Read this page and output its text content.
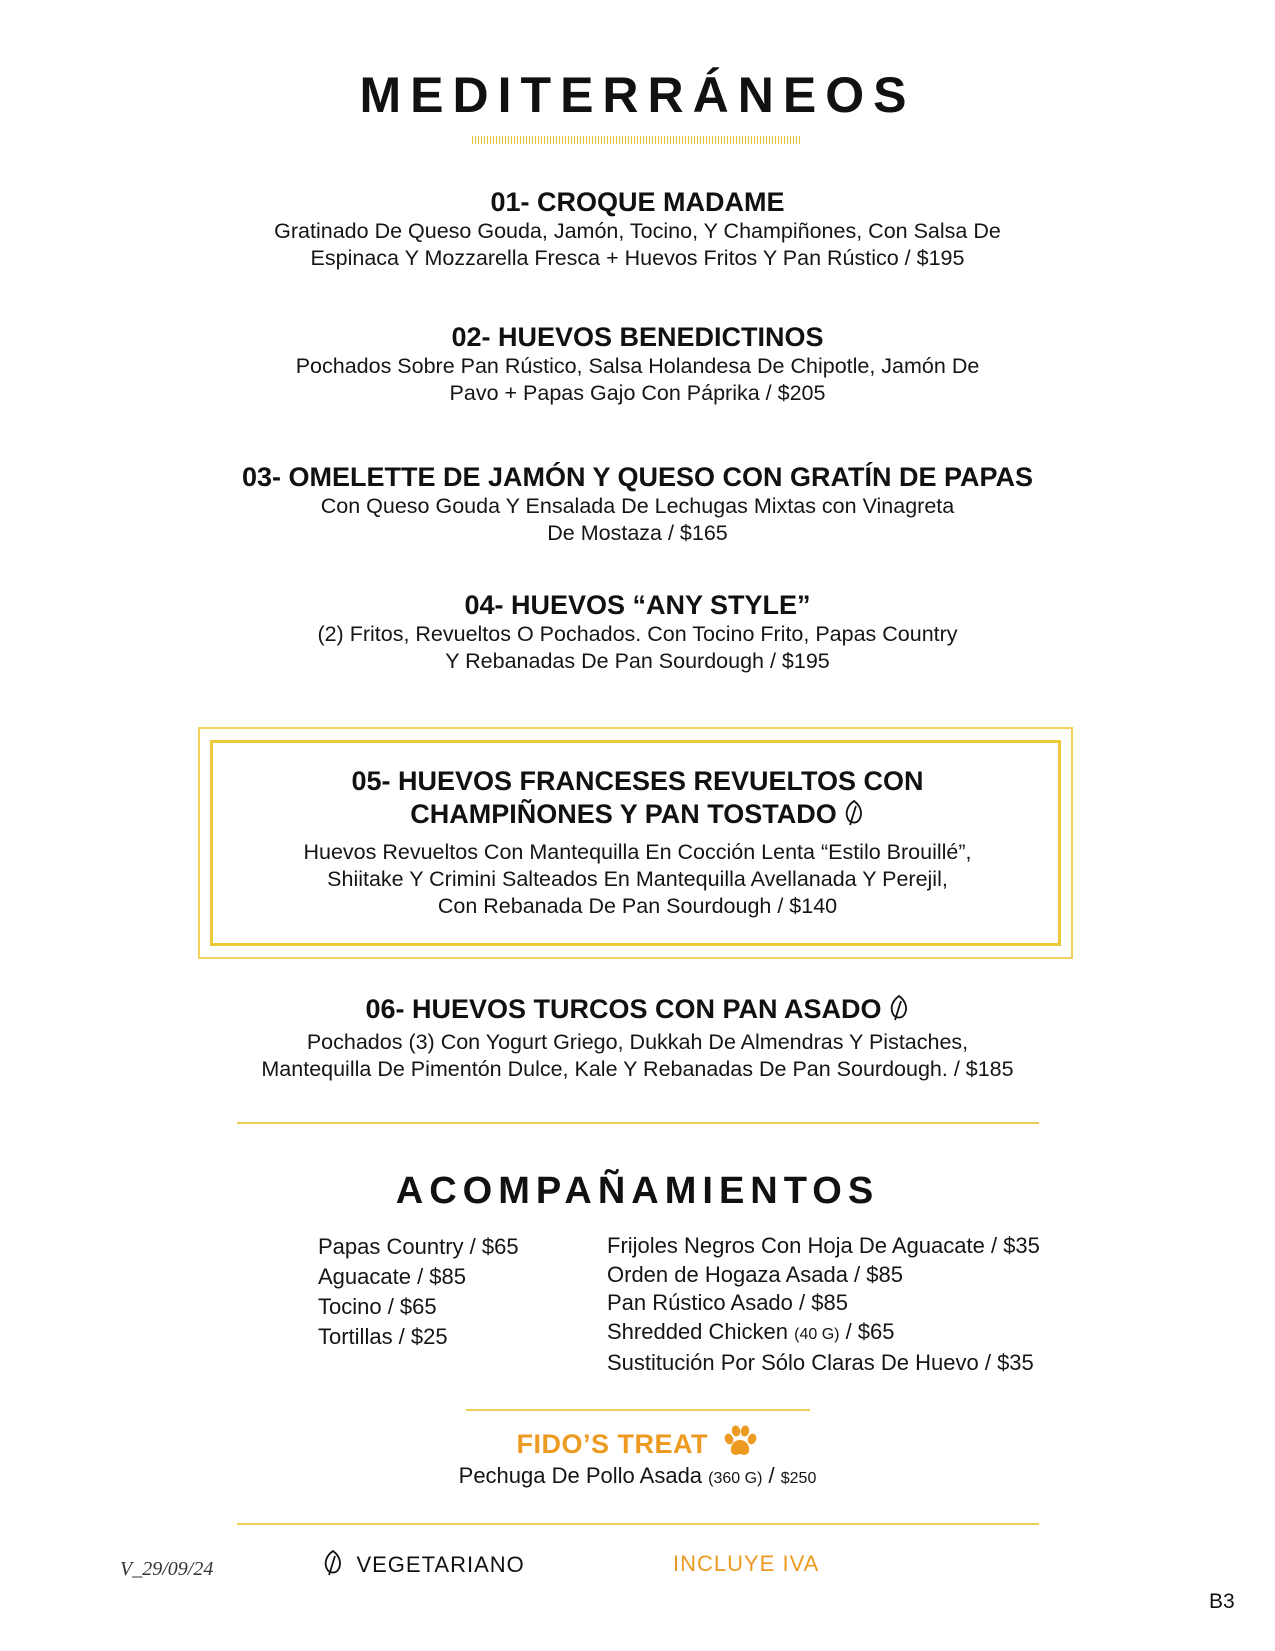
MEDITERRÁNEOS

01- CROQUE MADAME

Gratinado De Queso Gouda, Jamón, Tocino, Y Champiñones, Con Salsa De

Espinaca Y Mozzarella Fresca + Huevos Fritos Y Pan Rústico / $195

02- HUEVOS BENEDICTINOS

Pochados Sobre Pan Rústico, Salsa Holandesa De Chipotle, Jamón De

Pavo + Papas Gajo Con Páprika / $205

03- OMELETTE DE JAMÓN Y QUESO CON GRATÍN DE PAPAS

Con Queso Gouda Y Ensalada De Lechugas Mixtas con Vinagreta

De Mostaza / $165

04- HUEVOS “ANY STYLE”

(2) Fritos, Revueltos O Pochados. Con Tocino Frito, Papas Country

Y Rebanadas De Pan Sourdough / $195

05- HUEVOS FRANCESES REVUELTOS CON

CHAMPIÑONES Y PAN TOSTADO

Huevos Revueltos Con Mantequilla En Cocción Lenta “Estilo Brouillé”,

Shiitake Y Crimini Salteados En Mantequilla Avellanada Y Perejil,

Con Rebanada De Pan Sourdough / $140

06- HUEVOS TURCOS CON PAN ASADO

Pochados (3) Con Yogurt Griego, Dukkah De Almendras Y Pistaches,

Mantequilla De Pimentón Dulce, Kale Y Rebanadas De Pan Sourdough. / $185

ACOMPAÑAMIENTOS
Papas Country / $65
Aguacate / $85
Tocino / $65
Tortillas / $25
Frijoles Negros Con Hoja De Aguacate / $35
Orden de Hogaza Asada / $85
Pan Rústico Asado / $85
Shredded Chicken (40 G) / $65
Sustitución Por Sólo Claras De Huevo / $35
FIDO’S TREAT
Pechuga De Pollo Asada (360 G) / $250
V_29/09/24	VEGETARIANO	INCLUYE IVA
B3
